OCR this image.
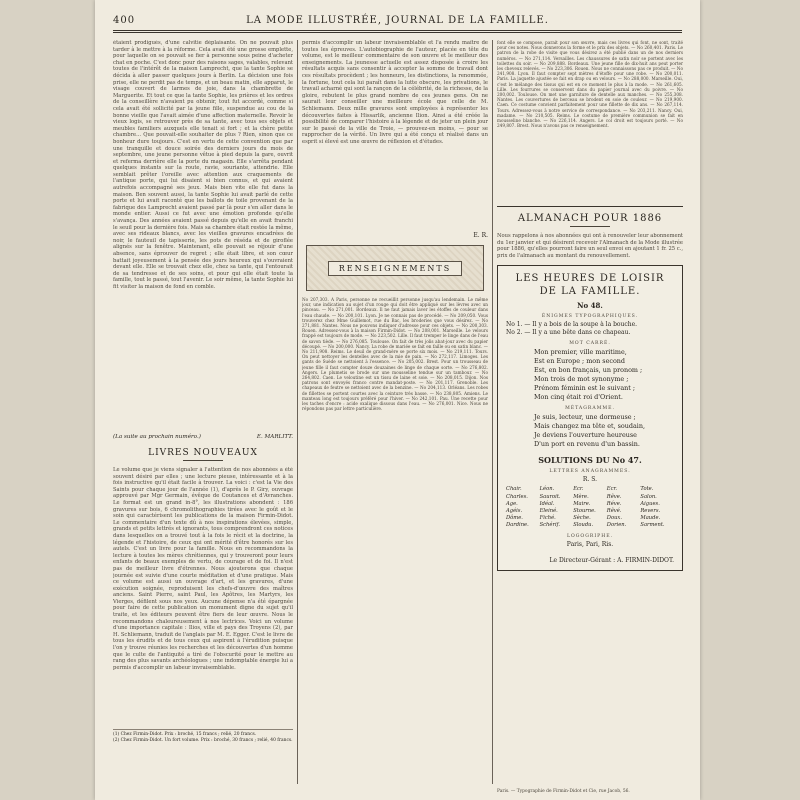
400	LA MODE ILLUSTRÉE, JOURNAL DE LA FAMILLE.

étaient prodigués, d'une calvitie déplaisante. On ne pouvait plus tarder à le mettre à la réforme. Cela avait été une grosse emplette, pour laquelle on se pouvait se fier à personne sous peine d'acheter chat en poche. C'est donc pour des raisons sages, valables, relevant toutes de l'intérêt de la maison Lamprecht, que la tante Sophie se décida à aller passer quelques jours à Berlin. La décision une fois prise, elle ne perdit pas de temps, et un beau matin, elle apparut, le visage couvert de larmes de joie, dans la chambrette de Marguerite. Et tout ce que la tante Sophie, les prières et les ordres de la conseillère n'avaient pu obtenir, tout fut accordé, comme si cela avait été sollicité par la jeune fille, suspendue au cou de la bonne vieille que l'avait aimée d'une affection maternelle. Revoir le vieux logis, se retrouver près de sa tante, avec tous ses objets et meubles familiers auxquels elle tenait si fort ; et la chère petite chambre... Que pouvait-elle souhaiter de plus ? Rien, sinon que ce bonheur dure toujours. C'est en vertu de cette convention que par une tranquille et douce soirée des derniers jours du mois de septembre, une jeune personne vêtue à pied depuis la gare, ouvrit et referma derrière elle la porte du magasin. Elle s'arrêta pendant quelques instants sur la route, ravie, souriante, attendrie. Elle semblait prêter l'oreille avec attention aux craquements de l'antique porte, qui lui disaient si bien connus, et qui avaient autrefois accompagné ses jeux. Mais bien vite elle fut dans la maison. Ben souvent aussi, la tante Sophie lui avait parlé de cette porte et lui avait raconté que les ballots de toile provenant de la fabrique des Lamprecht avaient passé par là pour s'en aller dans le monde entier. Aussi ce fut avec une émotion profonde qu'elle s'avança. Des années avaient passé depuis qu'elle en avait franchi le seuil pour la dernière fois. Mais sa chambre était restée la même, avec ses rideaux blancs, avec les vieilles gravures encadrées de noir, le fauteuil de tapisserie, les pots de réséda et de giroflée alignés sur la fenêtre. Maintenant, elle pouvait se réjouir d'une absence, sans éprouver de regret ; elle était libre, et son cœur battait joyeusement à la pensée des jours heureux qui s'ouvraient devant elle. Elle se trouvait chez elle, chez sa tante, qui l'entourait de sa tendresse et de ses soins, et pour qui elle était toute la famille, tout le passé, tout l'avenir. Le soir même, la tante Sophie lui fit visiter la maison de fond en comble.

(La suite au prochain numéro.)	E. MARLITT.
LIVRES NOUVEAUX

Le volume que je viens signaler à l'attention de nos abonnées a été souvent désiré par elles ; une lecture pieuse, intéressante et à la fois instructive qu'il était facile à trouver. La voici : c'est la Vie des Saints pour chaque jour de l'année (1), d'après le P. Giry, ouvrage approuvé par Mgr Germain, évêque de Coutances et d'Avranches. Le format est un grand in-8°, les illustrations abondent : 186 gravures sur bois, 6 chromolithographies tirées avec le goût et le soin qui caractérisent les publications de la maison Firmin-Didot. Le commentaire d'un texte dû à nos inspirations élevées, simple, grands et petits lettrés et ignorants, tous comprendront ces notices dans lesquelles on a trouvé tout à la fois le récit et la doctrine, la légende et l'histoire, de ceux qui ont mérité d'être honorés sur les autels. C'est un livre pour la famille. Nous en recommandons la lecture à toutes les mères chrétiennes, qui y trouveront pour leurs enfants de beaux exemples de vertu, de courage et de foi. Il n'est pas de meilleur livre d'étrennes. Nous ajouterons que chaque journée est suivie d'une courte méditation et d'une pratique. Mais ce volume est aussi un ouvrage d'art, et les gravures, d'une exécution soignée, reproduisent les chefs-d'œuvre des maîtres anciens. Saint Pierre, saint Paul, les Apôtres, les Martyrs, les Vierges, défilent sous nos yeux. Aucune dépense n'a été épargnée pour faire de cette publication un monument digne du sujet qu'il traite, et les éditeurs peuvent être fiers de leur œuvre. Nous le recommandons chaleureusement à nos lectrices. Voici un volume d'une importance capitale : Ilios, ville et pays des Troyens (2), par H. Schliemann, traduit de l'anglais par M. E. Egger. C'est le livre de tous les érudits et de tous ceux qui aspirent à l'érudition puisque l'on y trouve réunies les recherches et les découvertes d'un homme que le culte de l'antiquité a tiré de l'obscurité pour le mettre au rang des plus savants archéologues ; une indomptable énergie lui a permis d'accomplir un labeur invraisemblable.

(1) Chez Firmin-Didot. Prix : broché, 15 francs ; relié, 20 francs.
(2) Chez Firmin-Didot. Un fort volume. Prix : broché, 30 francs ; relié, 40 francs.

permis d'accomplir un labeur invraisemblable et l'a rendu maître de toutes les épreuves. L'autobiographie de l'auteur, placée en tête du volume, est le meilleur commentaire de son œuvre et le meilleur des enseignements. La jeunesse actuelle est assez disposée à croire les résultats acquis sans consentir à accepter la somme de travail dont ces résultats procèdent ; les honneurs, les distinctions, la renommée, la fortune, tout cela lui paraît dans la lutte obscure, les privations, le travail acharné qui sont la rançon de la célébrité, de la richesse, de la gloire, rebutent le plus grand nombre de ces jeunes gens. On ne saurait leur conseiller une meilleure école que celle de M. Schliemann. Deux mille gravures sont employées à représenter les découvertes faites à Hissarlik, ancienne Ilion. Ainsi a été créée la possibilité de comparer l'histoire à la légende et de jeter un plein jour sur le passé de la ville de Troie, — prouvez-en moins, — pour se rapprocher de la vérité. Un livre qui a été conçu et réalisé dans un esprit si élevé est une œuvre de réflexion et d'études.

E. R.
RENSEIGNEMENTS

No 207,303. A Paris, personne ne recueillit personne jusqu'au lendemain. Le même jour, une indication au sujet d'un rouge qui doit être appliqué sur les lèvres avec un pinceau. — No 271,001. Bordeaux. Il ne faut jamais laver les étoffes de couleur dans l'eau chaude. — No 200,101. Lyon. Je ne connais pas de procédé. — No 209,050. Vous trouverez chez Mme Guillemot, rue du Bac, les broderies que vous désirez. — No 271,881. Nantes. Nous ne pouvons indiquer d'adresse pour ces objets. — No 200,303. Rouen. Adressez-vous à la maison Firmin-Didot. — No 208,001. Marseille. Le velours frappé est toujours de mode. — No 223,502. Lille. Il faut tremper le linge dans de l'eau de savon tiède. — No 276,085. Toulouse. On fait de très jolis abat-jour avec du papier découpé. — No 200,000. Nancy. La robe de mariée se fait en faille ou en satin blanc. — No 211,908. Reims. Le deuil de grand-mère se porte six mois. — No 219,111. Tours. On peut nettoyer les dentelles avec de la mie de pain. — No 272,117. Limoges. Les gants de Suède se nettoient à l'essence. — No 205,002. Brest. Pour un trousseau de jeune fille il faut compter douze douzaines de linge de chaque sorte. — No 276,802. Angers. Le plumetis se brode sur une mousseline tendue sur un tambour. — No 264,802. Caen. Le veloutine est un tissu de laine et soie. — No 208,015. Dijon. Nos patrons sont envoyés franco contre mandat-poste. — No 201,117. Grenoble. Les chapeaux de feutre se nettoient avec de la benzine. — No 204,113. Orléans. Les robes de fillettes se portent courtes avec la ceinture très basse. — No 238,805. Amiens. Le manteau long est toujours préféré pour l'hiver. — No 242,101. Pau. Une recette pour les taches d'encre : acide oxalique dissous dans l'eau. — No 276,001. Nice. Nous ne répondons pas par lettre particulière.

font elle se compose, parait pour son œuvre, mais ces livres qui font, ne sont, traité pour ces notes. Nous donnerons la forme et le prix des objets. — No 260,401. Paris. Le patron de la robe de visite que vous désirez a été publié dans un de nos derniers numéros. — No 271,114. Versailles. Les chaussures de satin noir se portent avec les toilettes du soir. — No 209,888. Bordeaux. Une jeune fille de dix-huit ans peut porter les cheveux relevés. — No 223,306. Rouen. Nous ne connaissons pas ce produit. — No 241,908. Lyon. Il faut compter sept mètres d'étoffe pour une robe. — No 200,011. Paris. La jaquette ajustée se fait en drap ou en velours. — No 288,000. Marseille. Oui, c'est le mélange des tissus qui est en ce moment le plus à la mode. — No 261,605. Lille. Les fourrures se conservent dans du papier journal avec du poivre. — No 200,002. Toulouse. On met une garniture de dentelle aux manches. — No 255,308. Nantes. Les couvertures de berceau se brodent en soie de couleur. — No 219,900. Caen. Ce costume convient parfaitement pour une fillette de dix ans. — No 267,114. Tours. Adressez-vous à notre service de correspondance. — No 203,211. Nancy. Oui, madame. — No 210,505. Reims. Le costume de première communion se fait en mousseline blanche. — No 226,114. Angers. Le col droit est toujours porté. — No 249,807. Brest. Nous n'avons pas ce renseignement.

ALMANACH POUR 1886

Nous rappelons à nos abonnées qui ont à renouveler leur abonnement du 1er janvier et qui désirent recevoir l'Almanach de la Mode illustrée pour 1886, qu'elles pourront faire un seul envoi en ajoutant 1 fr. 25 c., prix de l'almanach au montant du renouvellement.

LES HEURES DE LOISIR DE LA FAMILLE.
No 48.
ÉNIGMES TYPOGRAPHIQUES.
No 1. — Il y a bois de la soupe à la bouche.
No 2. — Il y a une bête dans ce chapeau.
MOT CARRÉ.
Mon premier, ville maritime,
Est en Europe ; mon second
Est, en bon français, un pronom ;
Mon trois de mot synonyme ;
Prénom féminin est le suivant ;
Mon cinq était roi d'Orient.
MÉTAGRAMME.
Je suis, lecteur, une dormeuse ;
Mais changez ma tête et, soudain,
Je deviens l'ouverture heureuse
D'un port en revenu d'un bassin.
SOLUTIONS DU No 47.
LETTRES ANAGRAMMES.
R. S.
Chair.	Léon.	Ecr.	Ecr.	Tote.
Charles.	Sauroit.	Mère.	Rêve.	Salon.
Age.	Idéal.	Maire.	Réve.	Aigues.
Agéis.	Eleiné.	Stourne.	Rêvé.	Revers.
Dôme.	Fiché.	Sèche.	Doux.	Maude.
Dardine.	Schérif.	Sloudu.	Dorien.	Sarment.
LOGOGRIPHE.
Paris, Pari, Ris.
Le Directeur-Gérant : A. FIRMIN-DIDOT.
Paris. — Typographie de Firmin-Didot et Cie, rue Jacob, 56.
